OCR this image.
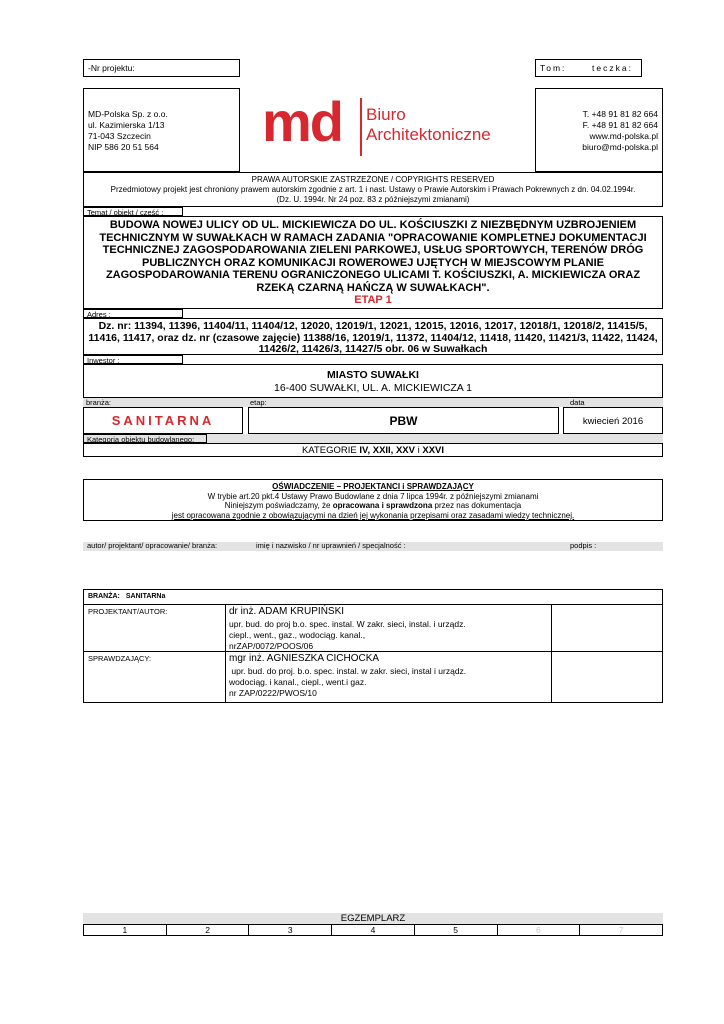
-Nr projektu:	Tom:	teczka:
MD-Polska Sp. z o.o.
ul. Kazimierska 1/13
71-043 Szczecin
NIP 586 20 51 564	md Biuro
Architektoniczne
T. +48 91 81 82 664
F. +48 91 81 82 664
www.md-polska.pl
biuro@md-polska.pl
PRAWA AUTORSKIE ZASTRZEŻONE / COPYRIGHTS RESERVED
Przedmiotowy projekt jest chroniony prawem autorskim zgodnie z art. 1 i nast. Ustawy o Prawie Autorskim i Prawach Pokrewnych z dn. 04.02.1994r.
(Dz. U. 1994r. Nr 24 poz. 83 z późniejszymi zmianami)
Temat / obiekt / część :
BUDOWA NOWEJ ULICY OD UL. MICKIEWICZA DO UL. KOŚCIUSZKI Z NIEZBĘDNYM UZBROJENIEM TECHNICZNYM W SUWAŁKACH W RAMACH ZADANIA "OPRACOWANIE KOMPLETNEJ DOKUMENTACJI TECHNICZNEJ ZAGOSPODAROWANIA ZIELENI PARKOWEJ, USŁUG SPORTOWYCH, TERENÓW DRÓG PUBLICZNYCH ORAZ KOMUNIKACJI ROWEROWEJ UJĘTYCH W MIEJSCOWYM PLANIE ZAGOSPODAROWANIA TERENU OGRANICZONEGO ULICAMI T. KOŚCIUSZKI, A. MICKIEWICZA ORAZ RZEKĄ CZARNĄ HAŃCZĄ W SUWAŁKACH".
ETAP 1
Adres :
Dz. nr: 11394, 11396, 11404/11, 11404/12, 12020, 12019/1, 12021, 12015, 12016, 12017, 12018/1, 12018/2, 11415/5, 11416, 11417, oraz dz. nr (czasowe zajęcie) 11388/16, 12019/1, 11372, 11404/12, 11418, 11420, 11421/3, 11422, 11424, 11426/2, 11426/3, 11427/5 obr. 06 w Suwałkach
Inwestor :
MIASTO SUWAŁKI
16-400 SUWAŁKI, UL. A. MICKIEWICZA 1
branża:	etap:	data
SANITARNA	PBW	kwiecień 2016
Kategoria obiektu budowlanego:
KATEGORIE IV, XXII, XXV i XXVI
OŚWIADCZENIE – PROJEKTANCI i SPRAWDZAJĄCY
W trybie art.20 pkt.4 Ustawy Prawo Budowlane z dnia 7 lipca 1994r. z późniejszymi zmianami
Niniejszym poświadczamy, że opracowana i sprawdzona przez nas dokumentacja
jest opracowana zgodnie z obowiązującymi na dzień jej wykonania przepisami oraz zasadami wiedzy technicznej.
autor/ projektant/ opracowanie/ branża:	imię i nazwisko / nr uprawnień / specjalność :	podpis :
BRANŻA: SANITARNa
PROJEKTANT/AUTOR:	dr inż. ADAM KRUPIŃSKI
upr. bud. do proj b.o. spec. instal. W zakr. sieci, instal. i urządz.
ciepl., went., gaz., wodociąg. kanal.,
nrZAP/0072/POOS/06
SPRAWDZAJĄCY:	mgr inż. AGNIESZKA CICHOCKA
upr. bud. do proj. b.o. spec. instal. w zakr. sieci, instal i urządz.
wodociąg. i kanal., ciepl., went.i gaz.
nr ZAP/0222/PWOS/10
EGZEMPLARZ
1	2	3	4	5	6	7
